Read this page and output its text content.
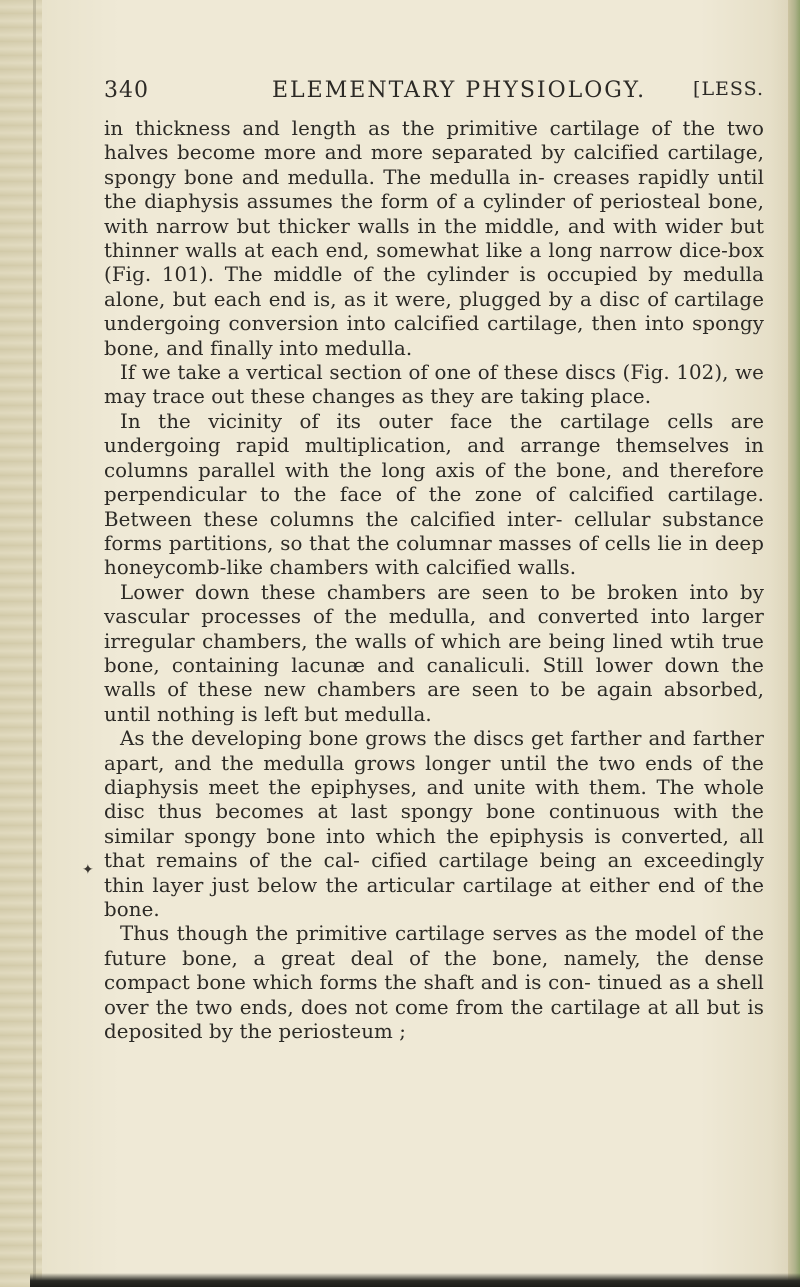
340	ELEMENTARY PHYSIOLOGY. [LESS.

in thickness and length as the primitive cartilage of the two halves become more and more separated by calcified cartilage, spongy bone and medulla. The medulla in- creases rapidly until the diaphysis assumes the form of a cylinder of periosteal bone, with narrow but thicker walls in the middle, and with wider but thinner walls at each end, somewhat like a long narrow dice-box (Fig. 101). The middle of the cylinder is occupied by medulla alone, but each end is, as it were, plugged by a disc of cartilage undergoing conversion into calcified cartilage, then into spongy bone, and finally into medulla.

If we take a vertical section of one of these discs (Fig. 102), we may trace out these changes as they are taking place.

In the vicinity of its outer face the cartilage cells are undergoing rapid multiplication, and arrange themselves in columns parallel with the long axis of the bone, and therefore perpendicular to the face of the zone of calcified cartilage. Between these columns the calcified inter- cellular substance forms partitions, so that the columnar masses of cells lie in deep honeycomb-like chambers with calcified walls.

Lower down these chambers are seen to be broken into by vascular processes of the medulla, and converted into larger irregular chambers, the walls of which are being lined wtih true bone, containing lacunæ and canaliculi. Still lower down the walls of these new chambers are seen to be again absorbed, until nothing is left but medulla.

As the developing bone grows the discs get farther and farther apart, and the medulla grows longer until the two ends of the diaphysis meet the epiphyses, and unite with them. The whole disc thus becomes at last spongy bone continuous with the similar spongy bone into which the epiphysis is converted, all that remains of the cal- cified cartilage being an exceedingly thin layer just below the articular cartilage at either end of the bone.

Thus though the primitive cartilage serves as the model of the future bone, a great deal of the bone, namely, the dense compact bone which forms the shaft and is con- tinued as a shell over the two ends, does not come from the cartilage at all but is deposited by the periosteum ;

✦
